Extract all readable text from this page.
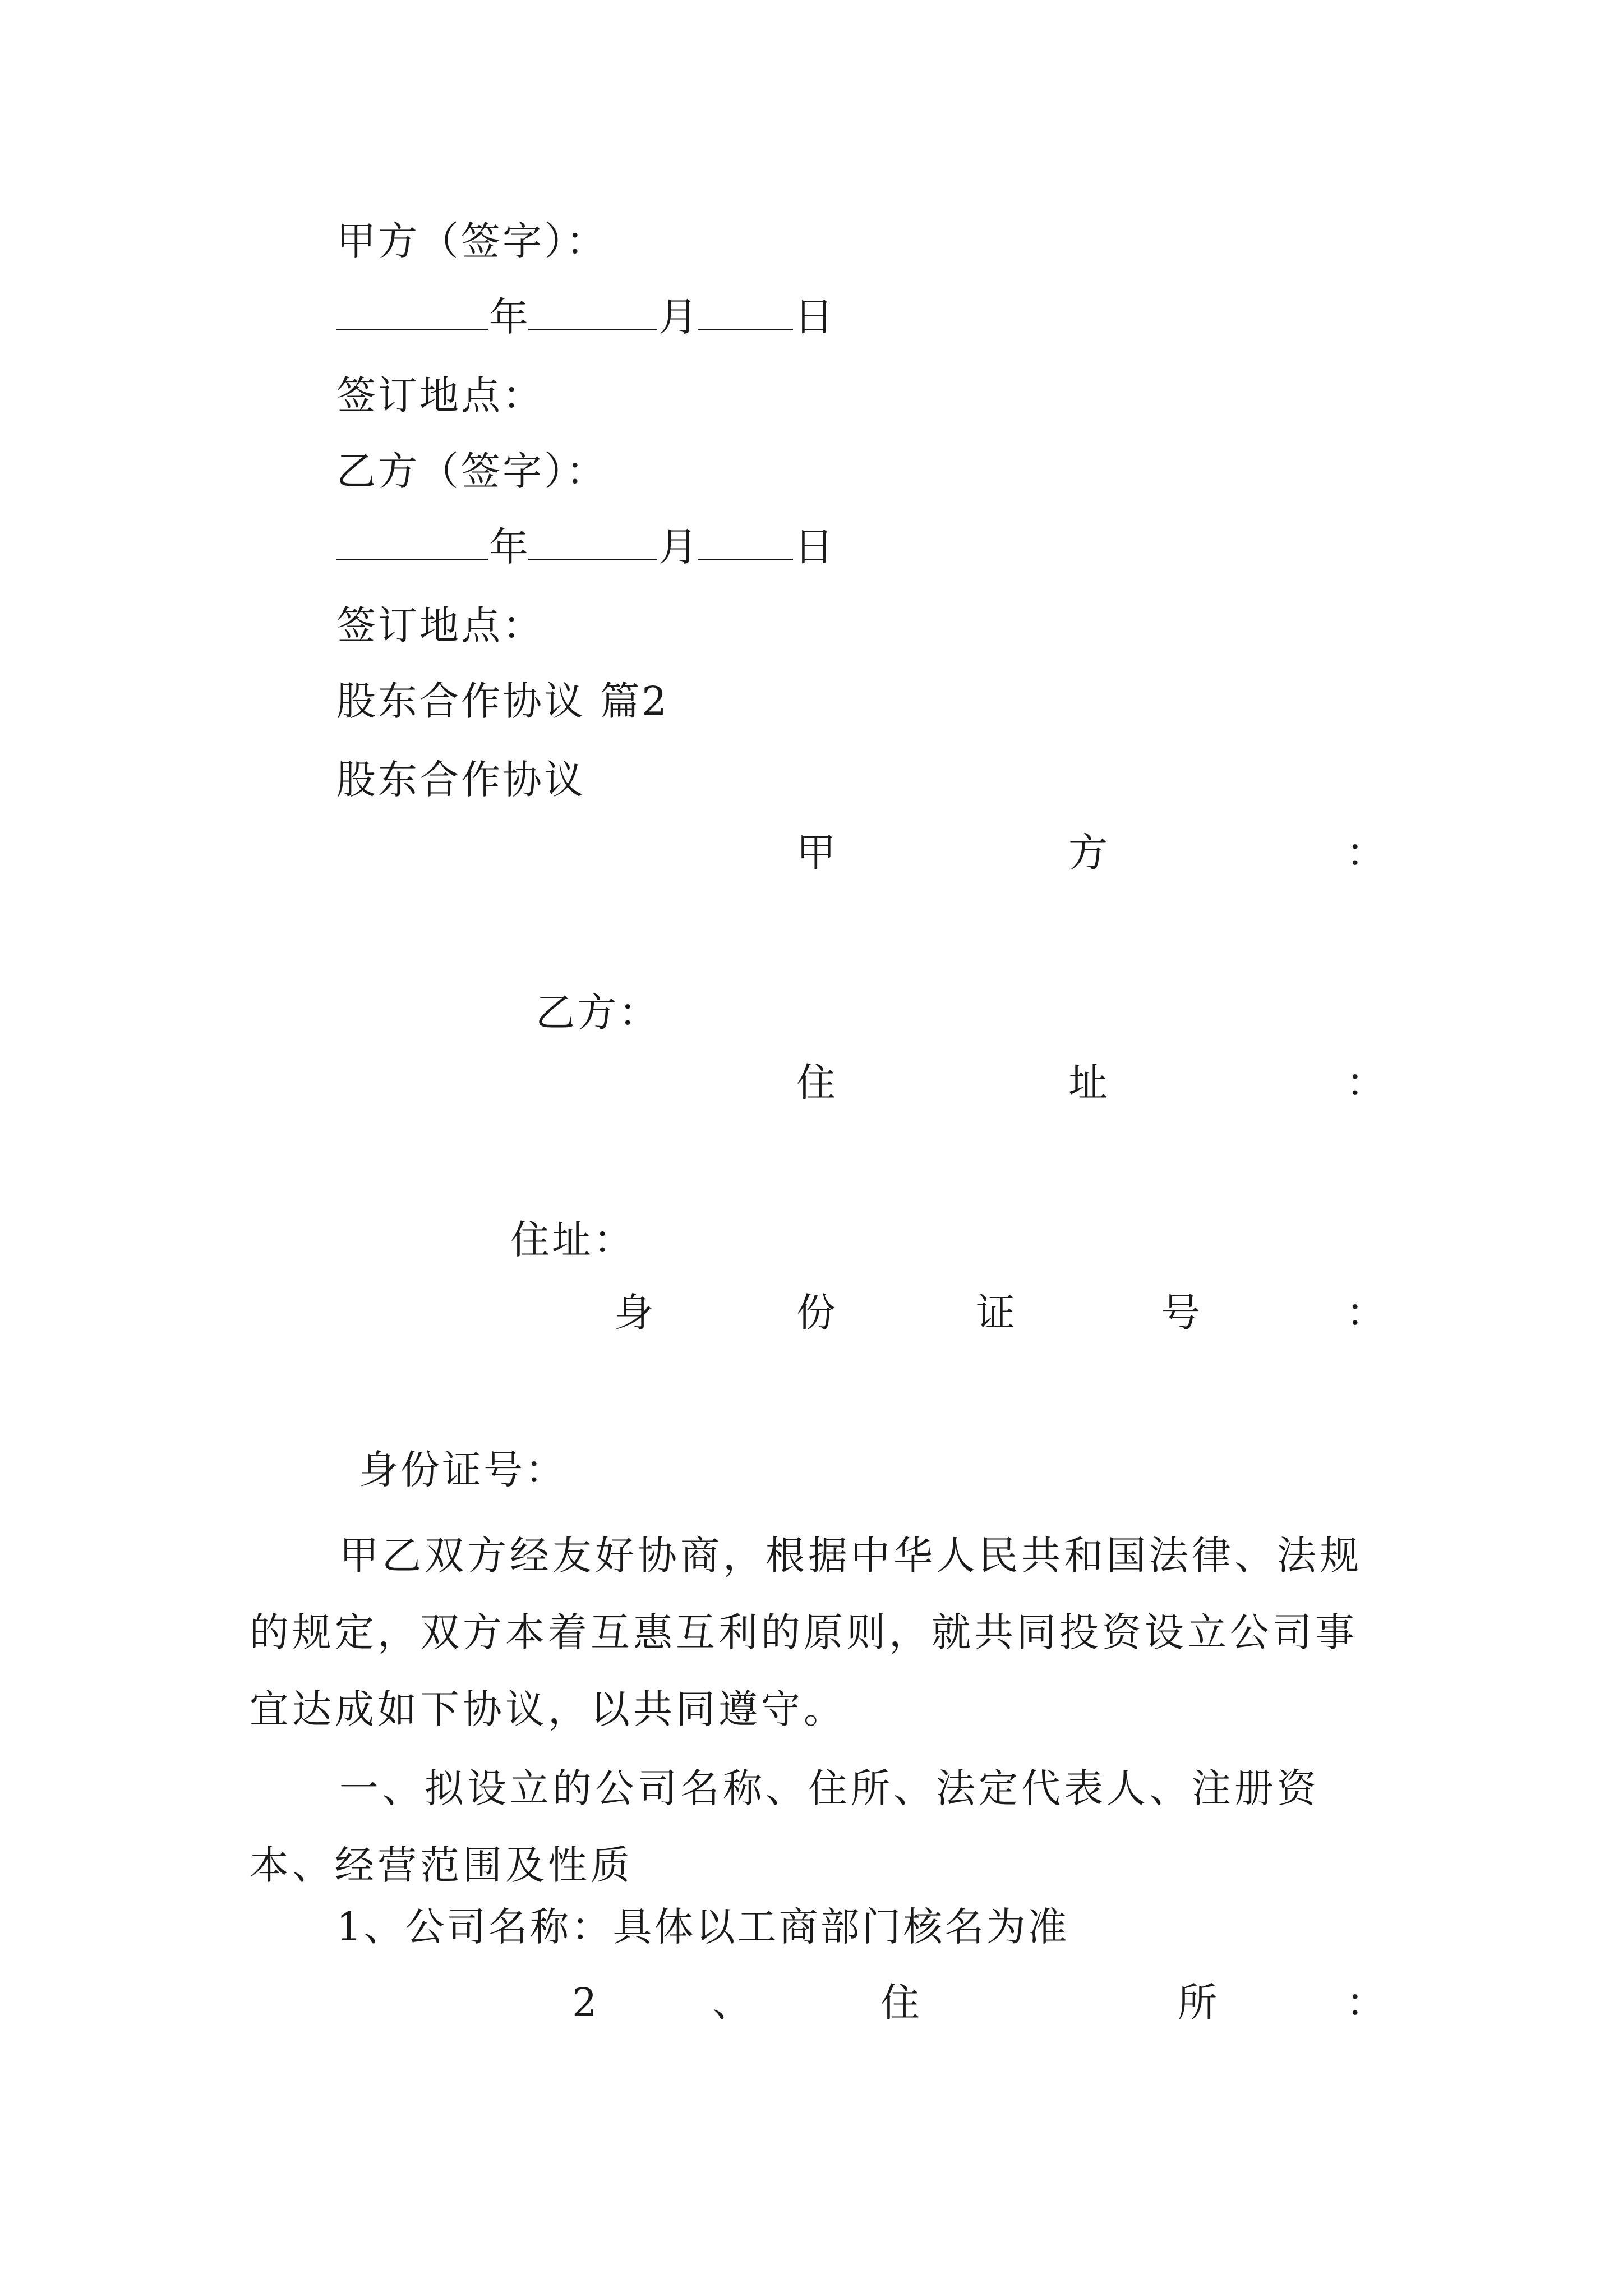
甲方（签字）：
年	月 日
签订地点：
乙方（签字）：
年	月 日
签订地点：
股东合作协议 篇2
股东合作协议
甲	方	：
乙方：
住	址	：
住址：
身	份	证	号	：
身份证号：

甲乙双方经友好协商，根据中华人民共和国法律、法规的规定，双方本着互惠互利的原则，就共同投资设立公司事宜达成如下协议，以共同遵守。

一、拟设立的公司名称、住所、法定代表人、注册资本、经营范围及性质

1、公司名称：具体以工商部门核名为准
2	、	住	所	：
